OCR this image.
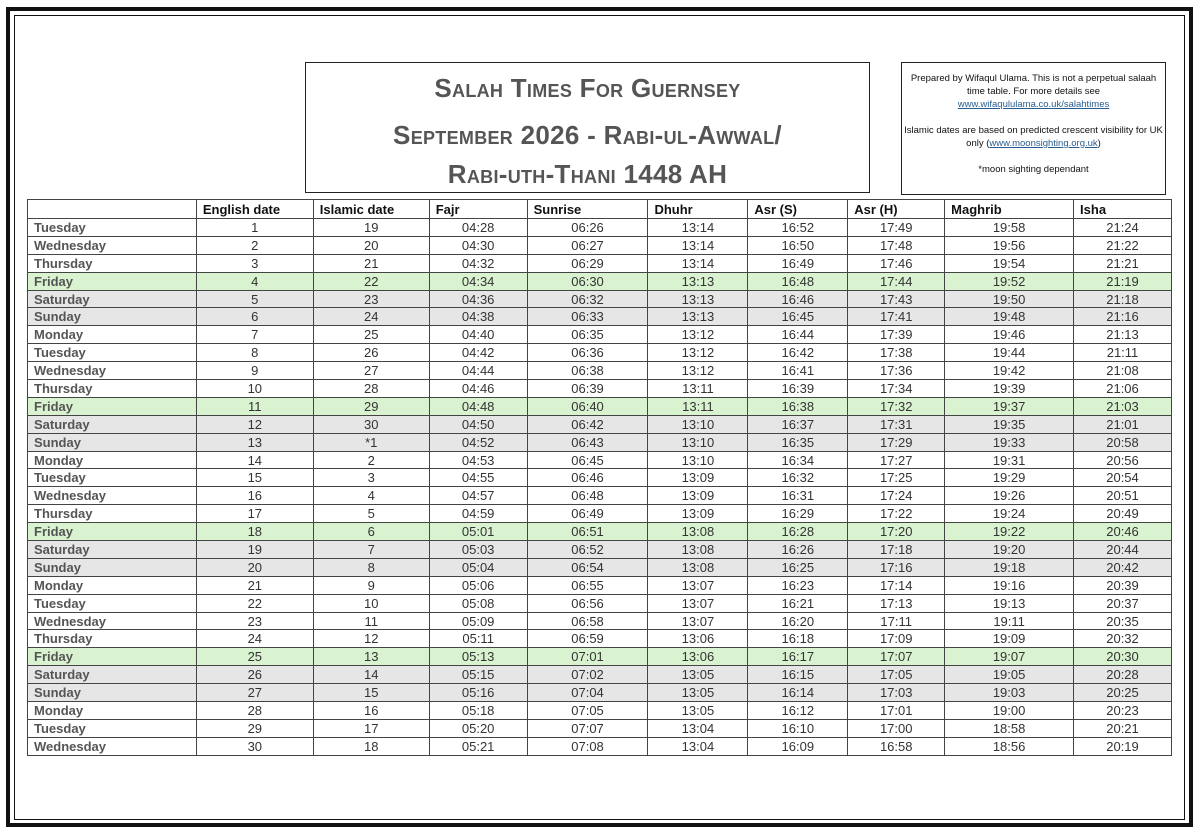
Salah Times For Guernsey
September 2026 - Rabi-ul-Awwal/
Rabi-uth-Thani 1448 AH

Prepared by Wifaqul Ulama. This is not a perpetual salaah time table. For more details see
www.wifaqululama.co.uk/salahtimes

Islamic dates are based on predicted crescent visibility for UK only (www.moonsighting.org.uk)

*moon sighting dependant

	English date	Islamic date	Fajr	Sunrise	Dhuhr	Asr (S)	Asr (H)	Maghrib	Isha
Tuesday	1	19	04:28	06:26	13:14	16:52	17:49	19:58	21:24
Wednesday	2	20	04:30	06:27	13:14	16:50	17:48	19:56	21:22
Thursday	3	21	04:32	06:29	13:14	16:49	17:46	19:54	21:21
Friday	4	22	04:34	06:30	13:13	16:48	17:44	19:52	21:19
Saturday	5	23	04:36	06:32	13:13	16:46	17:43	19:50	21:18
Sunday	6	24	04:38	06:33	13:13	16:45	17:41	19:48	21:16
Monday	7	25	04:40	06:35	13:12	16:44	17:39	19:46	21:13
Tuesday	8	26	04:42	06:36	13:12	16:42	17:38	19:44	21:11
Wednesday	9	27	04:44	06:38	13:12	16:41	17:36	19:42	21:08
Thursday	10	28	04:46	06:39	13:11	16:39	17:34	19:39	21:06
Friday	11	29	04:48	06:40	13:11	16:38	17:32	19:37	21:03
Saturday	12	30	04:50	06:42	13:10	16:37	17:31	19:35	21:01
Sunday	13	*1	04:52	06:43	13:10	16:35	17:29	19:33	20:58
Monday	14	2	04:53	06:45	13:10	16:34	17:27	19:31	20:56
Tuesday	15	3	04:55	06:46	13:09	16:32	17:25	19:29	20:54
Wednesday	16	4	04:57	06:48	13:09	16:31	17:24	19:26	20:51
Thursday	17	5	04:59	06:49	13:09	16:29	17:22	19:24	20:49
Friday	18	6	05:01	06:51	13:08	16:28	17:20	19:22	20:46
Saturday	19	7	05:03	06:52	13:08	16:26	17:18	19:20	20:44
Sunday	20	8	05:04	06:54	13:08	16:25	17:16	19:18	20:42
Monday	21	9	05:06	06:55	13:07	16:23	17:14	19:16	20:39
Tuesday	22	10	05:08	06:56	13:07	16:21	17:13	19:13	20:37
Wednesday	23	11	05:09	06:58	13:07	16:20	17:11	19:11	20:35
Thursday	24	12	05:11	06:59	13:06	16:18	17:09	19:09	20:32
Friday	25	13	05:13	07:01	13:06	16:17	17:07	19:07	20:30
Saturday	26	14	05:15	07:02	13:05	16:15	17:05	19:05	20:28
Sunday	27	15	05:16	07:04	13:05	16:14	17:03	19:03	20:25
Monday	28	16	05:18	07:05	13:05	16:12	17:01	19:00	20:23
Tuesday	29	17	05:20	07:07	13:04	16:10	17:00	18:58	20:21
Wednesday	30	18	05:21	07:08	13:04	16:09	16:58	18:56	20:19
